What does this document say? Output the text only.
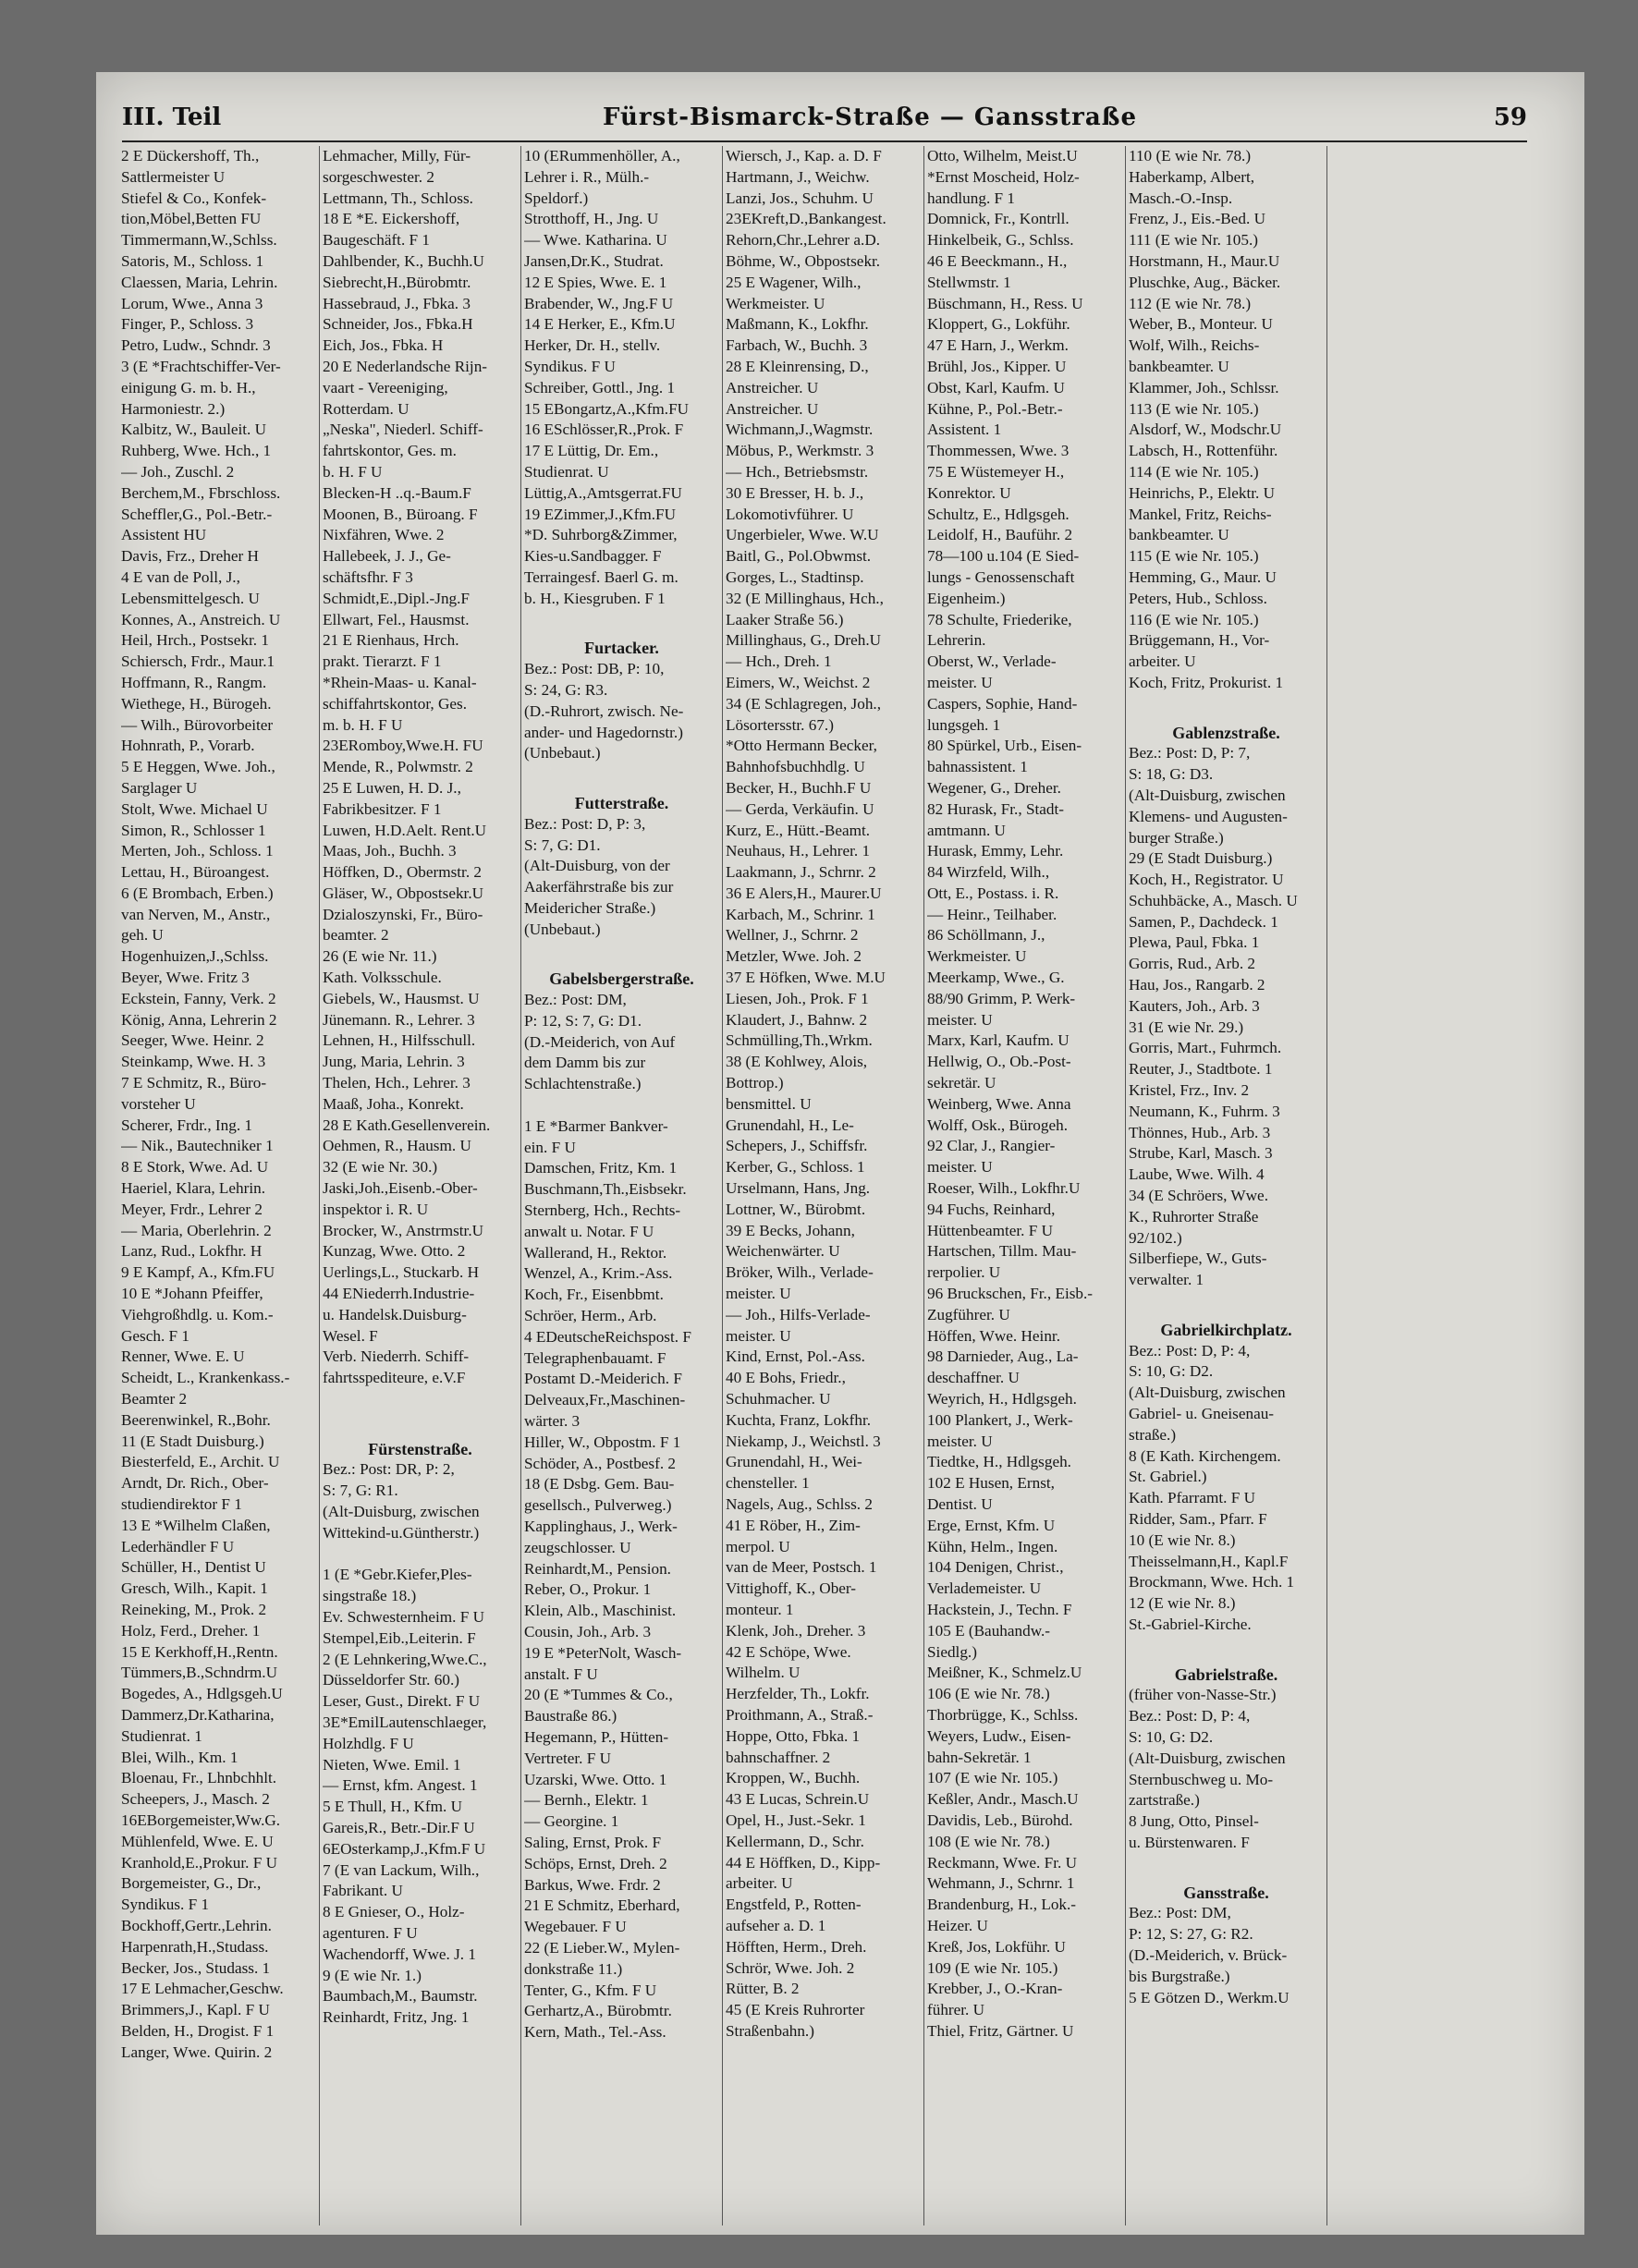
III. Teil	Fürst-Bismarck-Straße — Gansstraße	59
2 E Dückershoff, Th.,
Sattlermeister U
Stiefel & Co., Konfek-
tion,Möbel,Betten FU
Timmermann,W.,Schlss.
Satoris, M., Schloss. 1
Claessen, Maria, Lehrin.
Lorum, Wwe., Anna 3
Finger, P., Schloss. 3
Petro, Ludw., Schndr. 3
3 (E *Frachtschiffer-Ver-
einigung G. m. b. H.,
Harmoniestr. 2.)
Kalbitz, W., Bauleit. U
Ruhberg, Wwe. Hch., 1
— Joh., Zuschl. 2
Berchem,M., Fbrschloss.
Scheffler,G., Pol.-Betr.-
Assistent HU
Davis, Frz., Dreher H
4 E van de Poll, J.,
Lebensmittelgesch. U
Konnes, A., Anstreich. U
Heil, Hrch., Postsekr. 1
Schiersch, Frdr., Maur.1
Hoffmann, R., Rangm.
Wiethege, H., Bürogeh.
— Wilh., Bürovorbeiter
Hohnrath, P., Vorarb.
5 E Heggen, Wwe. Joh.,
Sarglager U
Stolt, Wwe. Michael U
Simon, R., Schlosser 1
Merten, Joh., Schloss. 1
Lettau, H., Büroangest.
6 (E Brombach, Erben.)
van Nerven, M., Anstr.,
geh. U
Hogenhuizen,J.,Schlss.
Beyer, Wwe. Fritz 3
Eckstein, Fanny, Verk. 2
König, Anna, Lehrerin 2
Seeger, Wwe. Heinr. 2
Steinkamp, Wwe. H. 3
7 E Schmitz, R., Büro-
vorsteher U
Scherer, Frdr., Ing. 1
— Nik., Bautechniker 1
8 E Stork, Wwe. Ad. U
Haeriel, Klara, Lehrin.
Meyer, Frdr., Lehrer 2
— Maria, Oberlehrin. 2
Lanz, Rud., Lokfhr. H
9 E Kampf, A., Kfm.FU
10 E *Johann Pfeiffer,
Viehgroßhdlg. u. Kom.-
Gesch. F 1
Renner, Wwe. E. U
Scheidt, L., Krankenkass.-
Beamter 2
Beerenwinkel, R.,Bohr.
11 (E Stadt Duisburg.)
Biesterfeld, E., Archit. U
Arndt, Dr. Rich., Ober-
studiendirektor F 1
13 E *Wilhelm Claßen,
Lederhändler F U
Schüller, H., Dentist U
Gresch, Wilh., Kapit. 1
Reineking, M., Prok. 2
Holz, Ferd., Dreher. 1
15 E Kerkhoff,H.,Rentn.
Tümmers,B.,Schndrm.U
Bogedes, A., Hdlgsgeh.U
Dammerz,Dr.Katharina,
Studienrat. 1
Blei, Wilh., Km. 1
Bloenau, Fr., Lhnbchhlt.
Scheepers, J., Masch. 2
16EBorgemeister,Ww.G.
Mühlenfeld, Wwe. E. U
Kranhold,E.,Prokur. F U
Borgemeister, G., Dr.,
Syndikus. F 1
Bockhoff,Gertr.,Lehrin.
Harpenrath,H.,Studass.
Becker, Jos., Studass. 1
17 E Lehmacher,Geschw.
Brimmers,J., Kapl. F U
Belden, H., Drogist. F 1
Langer, Wwe. Quirin. 2
Lehmacher, Milly, Für-
sorgeschwester. 2
Lettmann, Th., Schloss.
18 E *E. Eickershoff,
Baugeschäft. F 1
Dahlbender, K., Buchh.U
Siebrecht,H.,Bürobmtr.
Hassebraud, J., Fbka. 3
Schneider, Jos., Fbka.H
Eich, Jos., Fbka. H
20 E Nederlandsche Rijn-
vaart - Vereeniging,
Rotterdam. U
„Neska", Niederl. Schiff-
fahrtskontor, Ges. m.
b. H. F U
Blecken-H ..q.-Baum.F
Moonen, B., Büroang. F
Nixfähren, Wwe. 2
Hallebeek, J. J., Ge-
schäftsfhr. F 3
Schmidt,E.,Dipl.-Jng.F
Ellwart, Fel., Hausmst.
21 E Rienhaus, Hrch.
prakt. Tierarzt. F 1
*Rhein-Maas- u. Kanal-
schiffahrtskontor, Ges.
m. b. H. F U
23ERomboy,Wwe.H. FU
Mende, R., Polwmstr. 2
25 E Luwen, H. D. J.,
Fabrikbesitzer. F 1
Luwen, H.D.Aelt. Rent.U
Maas, Joh., Buchh. 3
Höffken, D., Obermstr. 2
Gläser, W., Obpostsekr.U
Dzialoszynski, Fr., Büro-
beamter. 2
26 (E wie Nr. 11.)
Kath. Volksschule.
Giebels, W., Hausmst. U
Jünemann. R., Lehrer. 3
Lehnen, H., Hilfsschull.
Jung, Maria, Lehrin. 3
Thelen, Hch., Lehrer. 3
Maaß, Joha., Konrekt.
28 E Kath.Gesellenverein.
Oehmen, R., Hausm. U
32 (E wie Nr. 30.)
Jaski,Joh.,Eisenb.-Ober-
inspektor i. R. U
Brocker, W., Anstrmstr.U
Kunzag, Wwe. Otto. 2
Uerlings,L., Stuckarb. H
44 ENiederrh.Industrie-
u. Handelsk.Duisburg-
Wesel. F
Verb. Niederrh. Schiff-
fahrtsspediteure, e.V.F

Fürstenstraße.
Bez.: Post: DR, P: 2,
S: 7, G: R1.
(Alt-Duisburg, zwischen
Wittekind-u.Güntherstr.)

1 (E *Gebr.Kiefer,Ples-
singstraße 18.)
Ev. Schwesternheim. F U
Stempel,Eib.,Leiterin. F
2 (E Lehnkering,Wwe.C.,
Düsseldorfer Str. 60.)
Leser, Gust., Direkt. F U
3E*EmilLautenschlaeger,
Holzhdlg. F U
Nieten, Wwe. Emil. 1
— Ernst, kfm. Angest. 1
5 E Thull, H., Kfm. U
Gareis,R., Betr.-Dir.F U
6EOsterkamp,J.,Kfm.F U
7 (E van Lackum, Wilh.,
Fabrikant. U
8 E Gnieser, O., Holz-
agenturen. F U
Wachendorff, Wwe. J. 1
9 (E wie Nr. 1.)
Baumbach,M., Baumstr.
Reinhardt, Fritz, Jng. 1
10 (ERummenhöller, A.,
Lehrer i. R., Mülh.-
Speldorf.)
Strotthoff, H., Jng. U
— Wwe. Katharina. U
Jansen,Dr.K., Studrat.
12 E Spies, Wwe. E. 1
Brabender, W., Jng.F U
14 E Herker, E., Kfm.U
Herker, Dr. H., stellv.
Syndikus. F U
Schreiber, Gottl., Jng. 1
15 EBongartz,A.,Kfm.FU
16 ESchlösser,R.,Prok. F
17 E Lüttig, Dr. Em.,
Studienrat. U
Lüttig,A.,Amtsgerrat.FU
19 EZimmer,J.,Kfm.FU
*D. Suhrborg&Zimmer,
Kies-u.Sandbagger. F
Terraingesf. Baerl G. m.
b. H., Kiesgruben. F 1

Furtacker.
Bez.: Post: DB, P: 10,
S: 24, G: R3.
(D.-Ruhrort, zwisch. Ne-
ander- und Hagedornstr.)
(Unbebaut.)

Futterstraße.
Bez.: Post: D, P: 3,
S: 7, G: D1.
(Alt-Duisburg, von der
Aakerfährstraße bis zur
Meidericher Straße.)
(Unbebaut.)

Gabelsbergerstraße.
Bez.: Post: DM,
P: 12, S: 7, G: D1.
(D.-Meiderich, von Auf
dem Damm bis zur
Schlachtenstraße.)

1 E *Barmer Bankver-
ein. F U
Damschen, Fritz, Km. 1
Buschmann,Th.,Eisbsekr.
Sternberg, Hch., Rechts-
anwalt u. Notar. F U
Wallerand, H., Rektor.
Wenzel, A., Krim.-Ass.
Koch, Fr., Eisenbbmt.
Schröer, Herm., Arb.
4 EDeutscheReichspost. F
Telegraphenbauamt. F
Postamt D.-Meiderich. F
Delveaux,Fr.,Maschinen-
wärter. 3
Hiller, W., Obpostm. F 1
Schöder, A., Postbesf. 2
18 (E Dsbg. Gem. Bau-
gesellsch., Pulverweg.)
Kapplinghaus, J., Werk-
zeugschlosser. U
Reinhardt,M., Pension.
Reber, O., Prokur. 1
Klein, Alb., Maschinist.
Cousin, Joh., Arb. 3
19 E *PeterNolt, Wasch-
anstalt. F U
20 (E *Tummes & Co.,
Baustraße 86.)
Hegemann, P., Hütten-
Vertreter. F U
Uzarski, Wwe. Otto. 1
— Bernh., Elektr. 1
— Georgine. 1
Saling, Ernst, Prok. F
Schöps, Ernst, Dreh. 2
Barkus, Wwe. Frdr. 2
21 E Schmitz, Eberhard,
Wegebauer. F U
22 (E Lieber.W., Mylen-
donkstraße 11.)
Tenter, G., Kfm. F U
Gerhartz,A., Bürobmtr.
Kern, Math., Tel.-Ass.
Wiersch, J., Kap. a. D. F
Hartmann, J., Weichw.
Lanzi, Jos., Schuhm. U
23EKreft,D.,Bankangest.
Rehorn,Chr.,Lehrer a.D.
Böhme, W., Obpostsekr.
25 E Wagener, Wilh.,
Werkmeister. U
Maßmann, K., Lokfhr.
Farbach, W., Buchh. 3
28 E Kleinrensing, D.,
Anstreicher. U
Anstreicher. U
Wichmann,J.,Wagmstr.
Möbus, P., Werkmstr. 3
— Hch., Betriebsmstr.
30 E Bresser, H. b. J.,
Lokomotivführer. U
Ungerbieler, Wwe. W.U
Baitl, G., Pol.Obwmst.
Gorges, L., Stadtinsp.
32 (E Millinghaus, Hch.,
Laaker Straße 56.)
Millinghaus, G., Dreh.U
— Hch., Dreh. 1
Eimers, W., Weichst. 2
34 (E Schlagregen, Joh.,
Lösortersstr. 67.)
*Otto Hermann Becker,
Bahnhofsbuchhdlg. U
Becker, H., Buchh.F U
— Gerda, Verkäufin. U
Kurz, E., Hütt.-Beamt.
Neuhaus, H., Lehrer. 1
Laakmann, J., Schrnr. 2
36 E Alers,H., Maurer.U
Karbach, M., Schrinr. 1
Wellner, J., Schrnr. 2
Metzler, Wwe. Joh. 2
37 E Höfken, Wwe. M.U
Liesen, Joh., Prok. F 1
Klaudert, J., Bahnw. 2
Schmülling,Th.,Wrkm.
38 (E Kohlwey, Alois,
Bottrop.)
bensmittel. U
Grunendahl, H., Le-
Schepers, J., Schiffsfr.
Kerber, G., Schloss. 1
Urselmann, Hans, Jng.
Lottner, W., Bürobmt.
39 E Becks, Johann,
Weichenwärter. U
Bröker, Wilh., Verlade-
meister. U
— Joh., Hilfs-Verlade-
meister. U
Kind, Ernst, Pol.-Ass.
40 E Bohs, Friedr.,
Schuhmacher. U
Kuchta, Franz, Lokfhr.
Niekamp, J., Weichstl. 3
Grunendahl, H., Wei-
chensteller. 1
Nagels, Aug., Schlss. 2
41 E Röber, H., Zim-
merpol. U
van de Meer, Postsch. 1
Vittighoff, K., Ober-
monteur. 1
Klenk, Joh., Dreher. 3
42 E Schöpe, Wwe.
Wilhelm. U
Herzfelder, Th., Lokfr.
Proithmann, A., Straß.-
Hoppe, Otto, Fbka. 1
bahnschaffner. 2
Kroppen, W., Buchh.
43 E Lucas, Schrein.U
Opel, H., Just.-Sekr. 1
Kellermann, D., Schr.
44 E Höffken, D., Kipp-
arbeiter. U
Engstfeld, P., Rotten-
aufseher a. D. 1
Höfften, Herm., Dreh.
Schrör, Wwe. Joh. 2
Rütter, B. 2
45 (E Kreis Ruhrorter
Straßenbahn.)
Otto, Wilhelm, Meist.U
*Ernst Moscheid, Holz-
handlung. F 1
Domnick, Fr., Kontrll.
Hinkelbeik, G., Schlss.
46 E Beeckmann., H.,
Stellwmstr. 1
Büschmann, H., Ress. U
Kloppert, G., Lokführ.
47 E Harn, J., Werkm.
Brühl, Jos., Kipper. U
Obst, Karl, Kaufm. U
Kühne, P., Pol.-Betr.-
Assistent. 1
Thommessen, Wwe. 3
75 E Wüstemeyer H.,
Konrektor. U
Schultz, E., Hdlgsgeh.
Leidolf, H., Bauführ. 2
78—100 u.104 (E Sied-
lungs - Genossenschaft
Eigenheim.)
78 Schulte, Friederike,
Lehrerin.
Oberst, W., Verlade-
meister. U
Caspers, Sophie, Hand-
lungsgeh. 1
80 Spürkel, Urb., Eisen-
bahnassistent. 1
Wegener, G., Dreher.
82 Hurask, Fr., Stadt-
amtmann. U
Hurask, Emmy, Lehr.
84 Wirzfeld, Wilh.,
Ott, E., Postass. i. R.
— Heinr., Teilhaber.
86 Schöllmann, J.,
Werkmeister. U
Meerkamp, Wwe., G.
88/90 Grimm, P. Werk-
meister. U
Marx, Karl, Kaufm. U
Hellwig, O., Ob.-Post-
sekretär. U
Weinberg, Wwe. Anna
Wolff, Osk., Bürogeh.
92 Clar, J., Rangier-
meister. U
Roeser, Wilh., Lokfhr.U
94 Fuchs, Reinhard,
Hüttenbeamter. F U
Hartschen, Tillm. Mau-
rerpolier. U
96 Bruckschen, Fr., Eisb.-
Zugführer. U
Höffen, Wwe. Heinr.
98 Darnieder, Aug., La-
deschaffner. U
Weyrich, H., Hdlgsgeh.
100 Plankert, J., Werk-
meister. U
Tiedtke, H., Hdlgsgeh.
102 E Husen, Ernst,
Dentist. U
Erge, Ernst, Kfm. U
Kühn, Helm., Ingen.
104 Denigen, Christ.,
Verlademeister. U
Hackstein, J., Techn. F
105 E (Bauhandw.-
Siedlg.)
Meißner, K., Schmelz.U
106 (E wie Nr. 78.)
Thorbrügge, K., Schlss.
Weyers, Ludw., Eisen-
bahn-Sekretär. 1
107 (E wie Nr. 105.)
Keßler, Andr., Masch.U
Davidis, Leb., Bürohd.
108 (E wie Nr. 78.)
Reckmann, Wwe. Fr. U
Wehmann, J., Schrnr. 1
Brandenburg, H., Lok.-
Heizer. U
Kreß, Jos, Lokführ. U
109 (E wie Nr. 105.)
Krebber, J., O.-Kran-
führer. U
Thiel, Fritz, Gärtner. U
110 (E wie Nr. 78.)
Haberkamp, Albert,
Masch.-O.-Insp.
Frenz, J., Eis.-Bed. U
111 (E wie Nr. 105.)
Horstmann, H., Maur.U
Pluschke, Aug., Bäcker.
112 (E wie Nr. 78.)
Weber, B., Monteur. U
Wolf, Wilh., Reichs-
bankbeamter. U
Klammer, Joh., Schlssr.
113 (E wie Nr. 105.)
Alsdorf, W., Modschr.U
Labsch, H., Rottenführ.
114 (E wie Nr. 105.)
Heinrichs, P., Elektr. U
Mankel, Fritz, Reichs-
bankbeamter. U
115 (E wie Nr. 105.)
Hemming, G., Maur. U
Peters, Hub., Schloss.
116 (E wie Nr. 105.)
Brüggemann, H., Vor-
arbeiter. U
Koch, Fritz, Prokurist. 1

Gablenzstraße.
Bez.: Post: D, P: 7,
S: 18, G: D3.
(Alt-Duisburg, zwischen
Klemens- und Augusten-
burger Straße.)
29 (E Stadt Duisburg.)
Koch, H., Registrator. U
Schuhbäcke, A., Masch. U
Samen, P., Dachdeck. 1
Plewa, Paul, Fbka. 1
Gorris, Rud., Arb. 2
Hau, Jos., Rangarb. 2
Kauters, Joh., Arb. 3
31 (E wie Nr. 29.)
Gorris, Mart., Fuhrmch.
Reuter, J., Stadtbote. 1
Kristel, Frz., Inv. 2
Neumann, K., Fuhrm. 3
Thönnes, Hub., Arb. 3
Strube, Karl, Masch. 3
Laube, Wwe. Wilh. 4
34 (E Schröers, Wwe.
K., Ruhrorter Straße
92/102.)
Silberfiepe, W., Guts-
verwalter. 1

Gabrielkirchplatz.
Bez.: Post: D, P: 4,
S: 10, G: D2.
(Alt-Duisburg, zwischen
Gabriel- u. Gneisenau-
straße.)
8 (E Kath. Kirchengem.
St. Gabriel.)
Kath. Pfarramt. F U
Ridder, Sam., Pfarr. F
10 (E wie Nr. 8.)
Theisselmann,H., Kapl.F
Brockmann, Wwe. Hch. 1
12 (E wie Nr. 8.)
St.-Gabriel-Kirche.

Gabrielstraße.
(früher von-Nasse-Str.)
Bez.: Post: D, P: 4,
S: 10, G: D2.
(Alt-Duisburg, zwischen
Sternbuschweg u. Mo-
zartstraße.)
8 Jung, Otto, Pinsel-
u. Bürstenwaren. F

Gansstraße.
Bez.: Post: DM,
P: 12, S: 27, G: R2.
(D.-Meiderich, v. Brück-
bis Burgstraße.)
5 E Götzen D., Werkm.U
